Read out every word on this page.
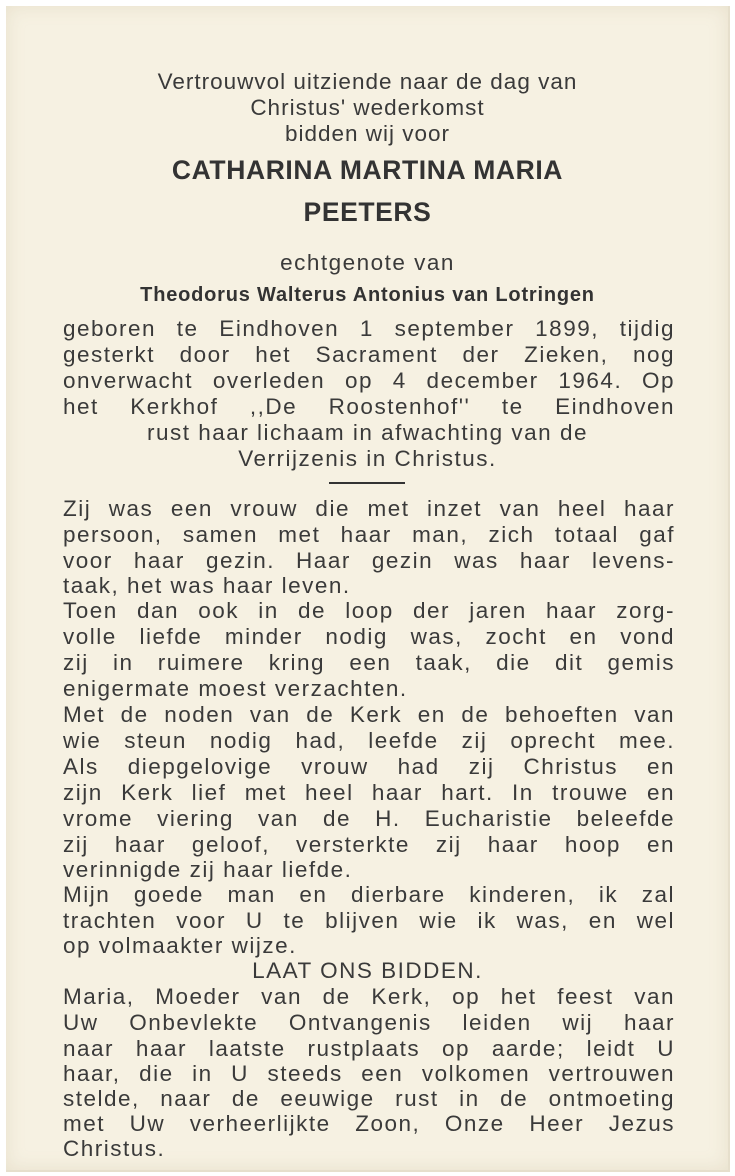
Vertrouwvol uitziende naar de dag van
Christus' wederkomst
bidden wij voor
CATHARINA MARTINA MARIA
PEETERS
echtgenote van
Theodorus Walterus Antonius van Lotringen
geboren te Eindhoven 1 september 1899, tijdig
gesterkt door het Sacrament der Zieken, nog
onverwacht overleden op 4 december 1964. Op
het Kerkhof ,,De Roostenhof'' te Eindhoven
rust haar lichaam in afwachting van de
Verrijzenis in Christus.
Zij was een vrouw die met inzet van heel haar
persoon, samen met haar man, zich totaal gaf
voor haar gezin. Haar gezin was haar levens-
taak, het was haar leven.
Toen dan ook in de loop der jaren haar zorg-
volle liefde minder nodig was, zocht en vond
zij in ruimere kring een taak, die dit gemis
enigermate moest verzachten.
Met de noden van de Kerk en de behoeften van
wie steun nodig had, leefde zij oprecht mee.
Als diepgelovige vrouw had zij Christus en
zijn Kerk lief met heel haar hart. In trouwe en
vrome viering van de H. Eucharistie beleefde
zij haar geloof, versterkte zij haar hoop en
verinnigde zij haar liefde.
Mijn goede man en dierbare kinderen, ik zal
trachten voor U te blijven wie ik was, en wel
op volmaakter wijze.
LAAT ONS BIDDEN.
Maria, Moeder van de Kerk, op het feest van
Uw Onbevlekte Ontvangenis leiden wij haar
naar haar laatste rustplaats op aarde; leidt U
haar, die in U steeds een volkomen vertrouwen
stelde, naar de eeuwige rust in de ontmoeting
met Uw verheerlijkte Zoon, Onze Heer Jezus
Christus.
